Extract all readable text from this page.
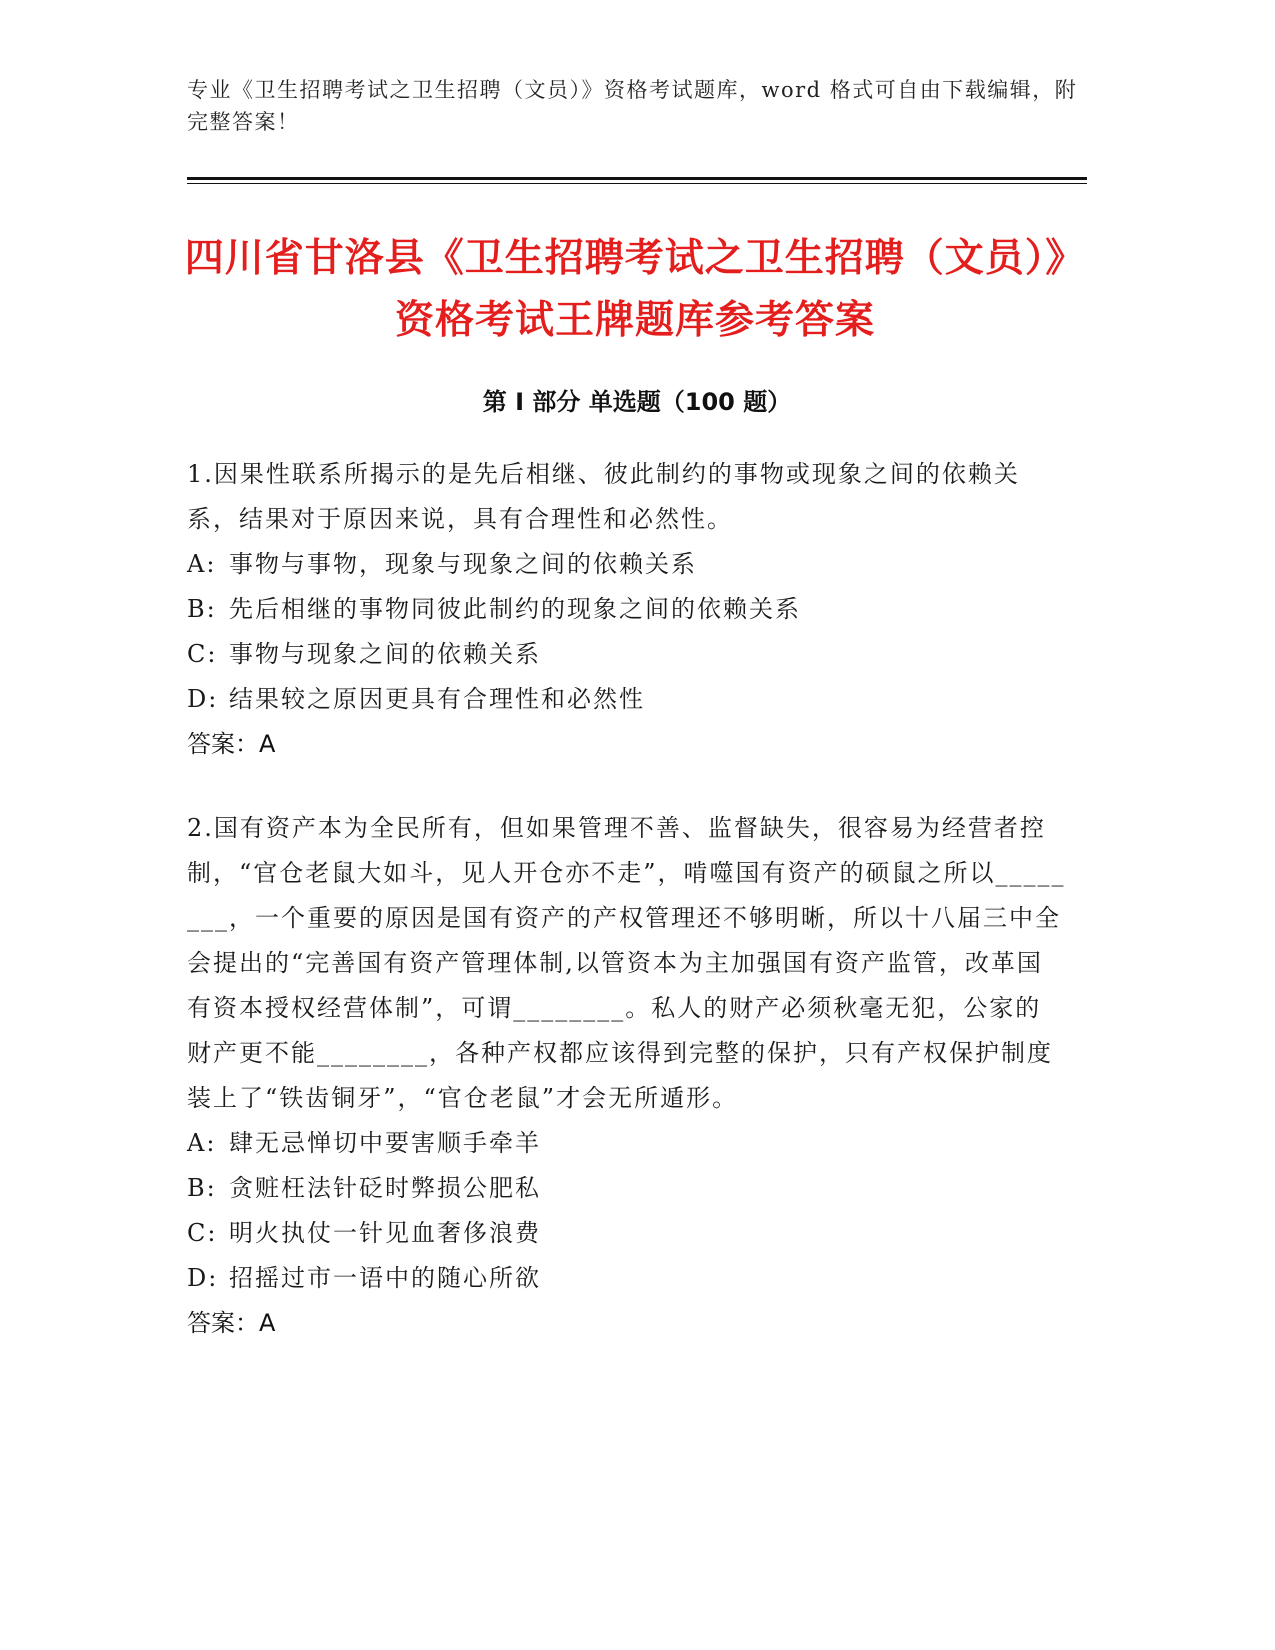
专业《卫生招聘考试之卫生招聘（文员）》资格考试题库，word 格式可自由下载编辑，附完整答案！

四川省甘洛县《卫生招聘考试之卫生招聘（文员）》资格考试王牌题库参考答案
第 I 部分 单选题（100 题）

1.因果性联系所揭示的是先后相继、彼此制约的事物或现象之间的依赖关系，结果对于原因来说，具有合理性和必然性。

A: 事物与事物，现象与现象之间的依赖关系

B: 先后相继的事物同彼此制约的现象之间的依赖关系

C: 事物与现象之间的依赖关系

D: 结果较之原因更具有合理性和必然性

答案：A

2.国有资产本为全民所有，但如果管理不善、监督缺失，很容易为经营者控制，“官仓老鼠大如斗，见人开仓亦不走”，啃噬国有资产的硕鼠之所以________，一个重要的原因是国有资产的产权管理还不够明晰，所以十八届三中全会提出的“完善国有资产管理体制,以管资本为主加强国有资产监管，改革国有资本授权经营体制”，可谓________。私人的财产必须秋毫无犯，公家的财产更不能________，各种产权都应该得到完整的保护，只有产权保护制度装上了“铁齿铜牙”，“官仓老鼠”才会无所遁形。

A: 肆无忌惮切中要害顺手牵羊

B: 贪赃枉法针砭时弊损公肥私

C: 明火执仗一针见血奢侈浪费

D: 招摇过市一语中的随心所欲

答案：A
